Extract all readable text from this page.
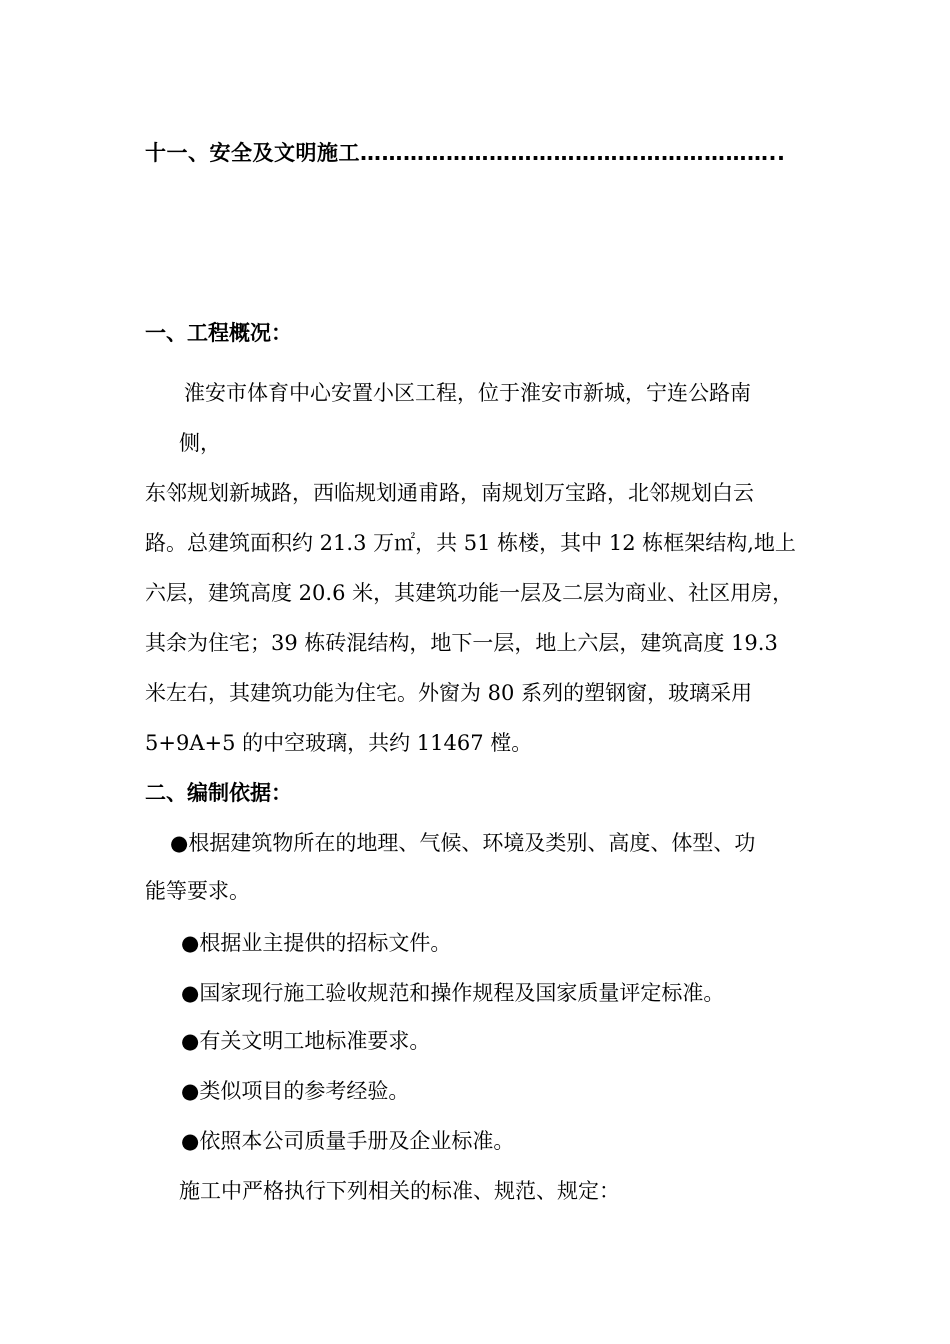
十一、安全及文明施工…………………………………………………..
一、工程概况：
淮安市体育中心安置小区工程，位于淮安市新城，宁连公路南
侧，
东邻规划新城路，西临规划通甫路，南规划万宝路，北邻规划白云
路。总建筑面积约 21.3 万㎡，共 51 栋楼，其中 12 栋框架结构,地上
六层，建筑高度 20.6 米，其建筑功能一层及二层为商业、社区用房，
其余为住宅；39 栋砖混结构，地下一层，地上六层，建筑高度 19.3
米左右，其建筑功能为住宅。外窗为 80 系列的塑钢窗，玻璃采用
5+9A+5 的中空玻璃，共约 11467 樘。
二、编制依据：
●根据建筑物所在的地理、气候、环境及类别、高度、体型、功
能等要求。
●根据业主提供的招标文件。
●国家现行施工验收规范和操作规程及国家质量评定标准。
●有关文明工地标准要求。
●类似项目的参考经验。
●依照本公司质量手册及企业标准。
施工中严格执行下列相关的标准、规范、规定：
